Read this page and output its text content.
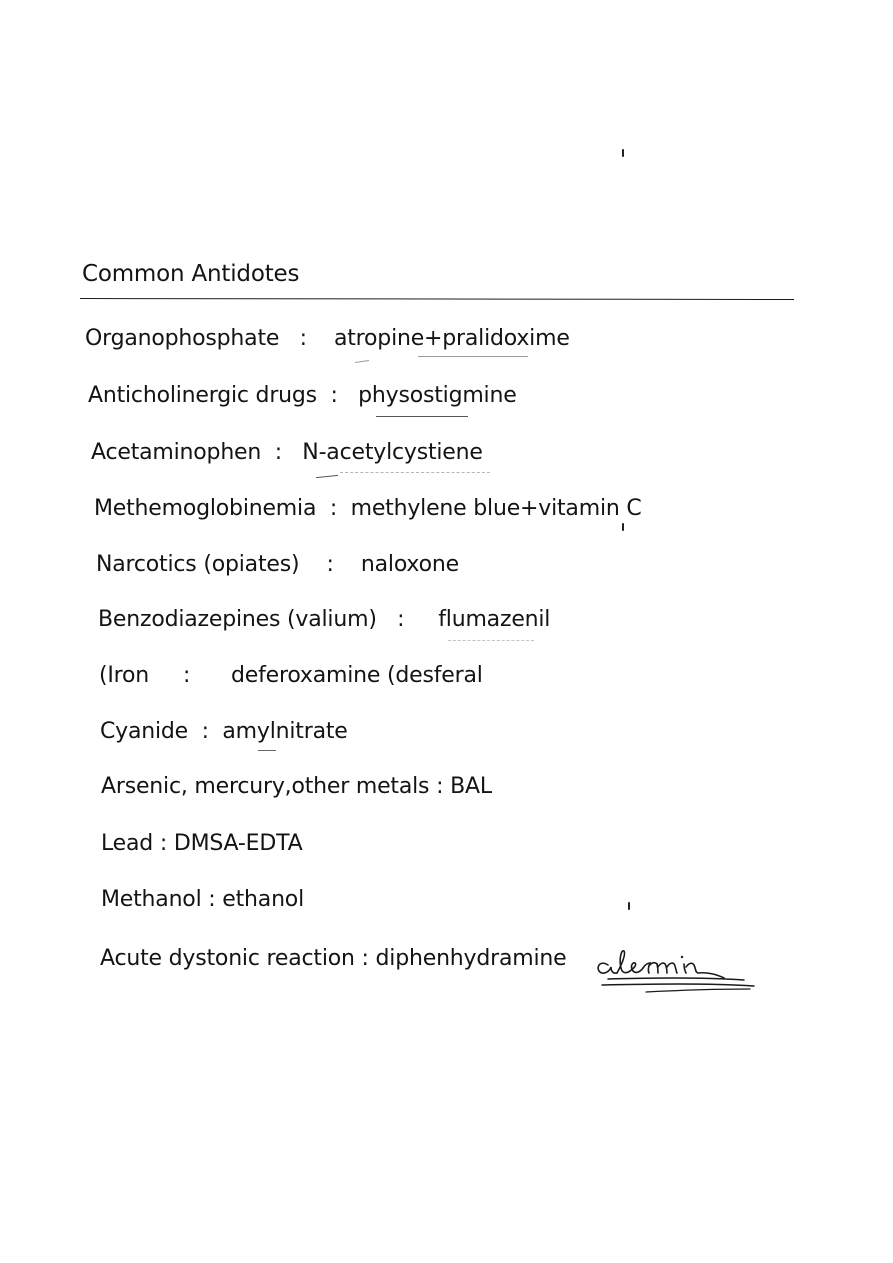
Common Antidotes
Organophosphate   :    atropine+pralidoxime
Anticholinergic drugs  :   physostigmine
Acetaminophen  :   N-acetylcystiene
Methemoglobinemia  :  methylene blue+vitamin C
Narcotics (opiates)    :    naloxone
Benzodiazepines (valium)   :     flumazenil
(Iron     :      deferoxamine (desferal
Cyanide  :  amylnitrate
Arsenic, mercury,other metals : BAL
Lead : DMSA-EDTA
Methanol : ethanol
Acute dystonic reaction : diphenhydramine
